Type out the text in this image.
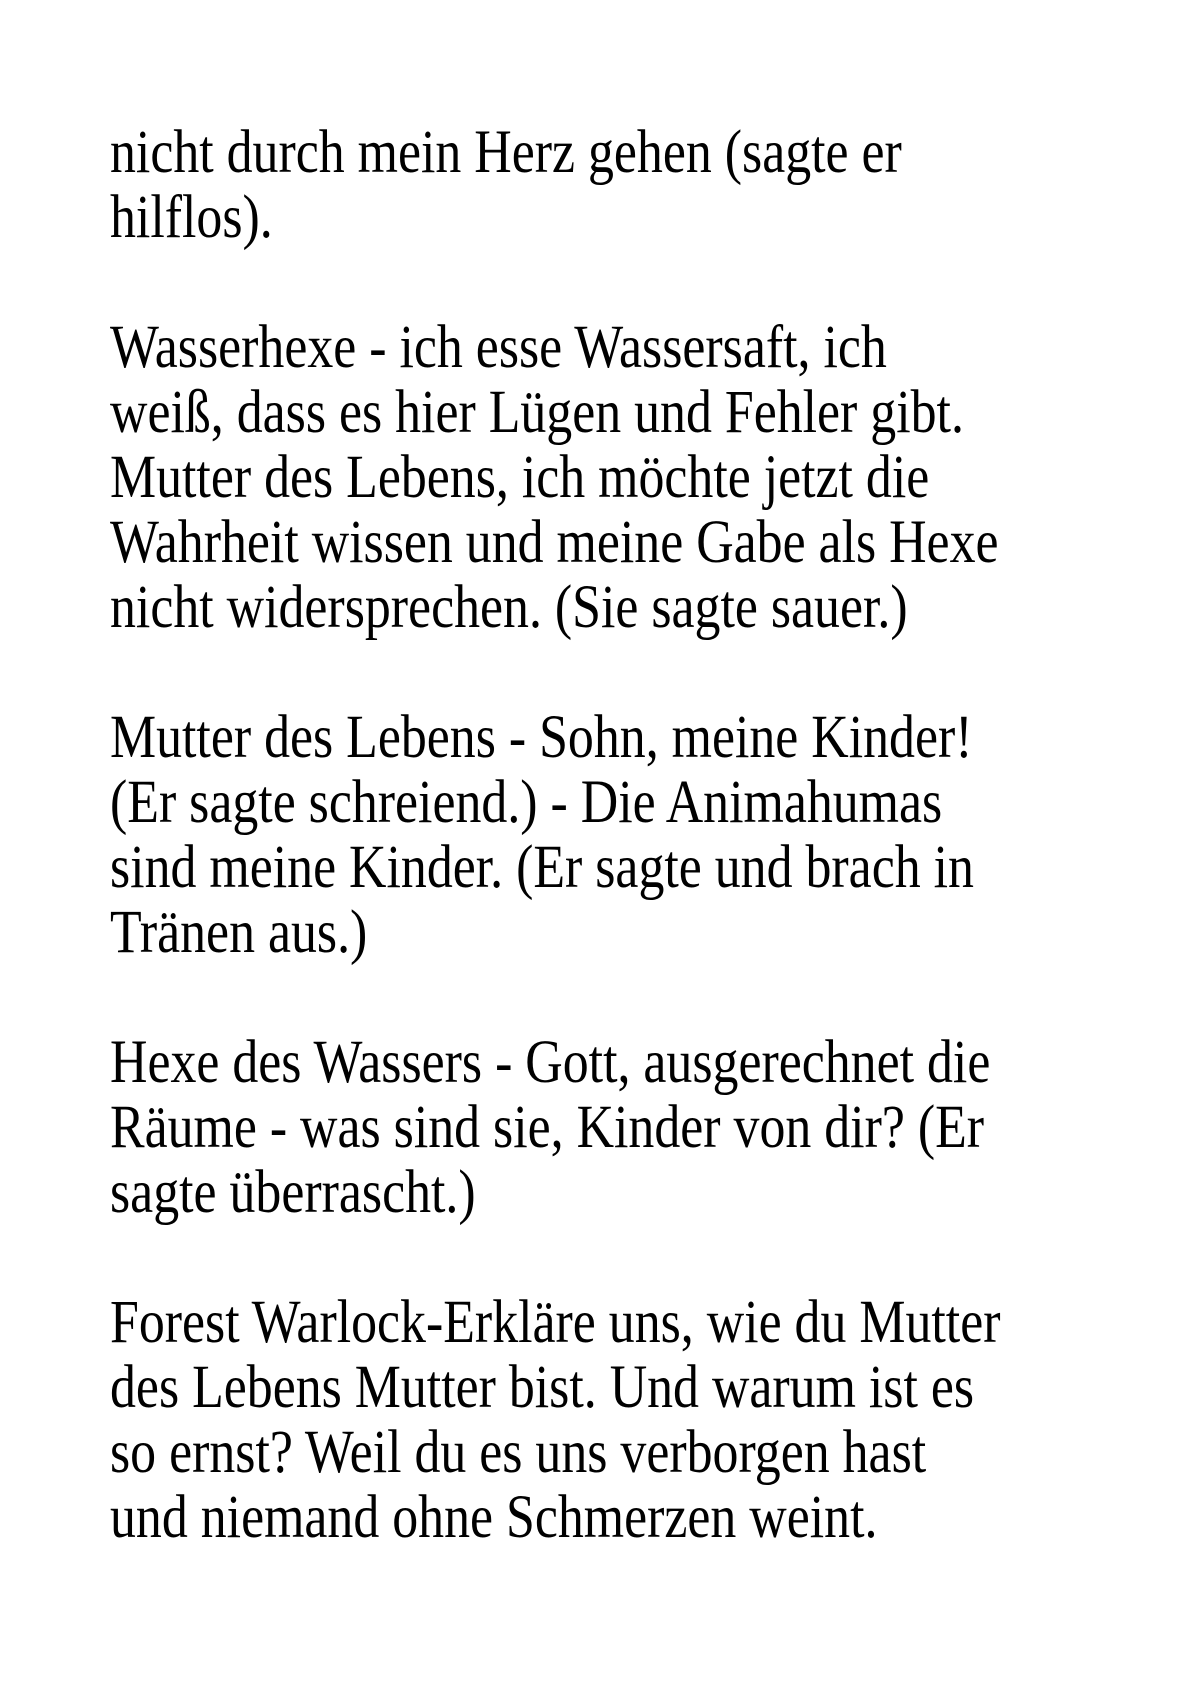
nicht durch mein Herz gehen (sagte er
hilflos).
Wasserhexe - ich esse Wassersaft, ich
weiß, dass es hier Lügen und Fehler gibt.
Mutter des Lebens, ich möchte jetzt die
Wahrheit wissen und meine Gabe als Hexe
nicht widersprechen. (Sie sagte sauer.)
Mutter des Lebens - Sohn, meine Kinder!
(Er sagte schreiend.) - Die Animahumas
sind meine Kinder. (Er sagte und brach in
Tränen aus.)
Hexe des Wassers - Gott, ausgerechnet die
Räume - was sind sie, Kinder von dir? (Er
sagte überrascht.)
Forest Warlock-Erkläre uns, wie du Mutter
des Lebens Mutter bist. Und warum ist es
so ernst? Weil du es uns verborgen hast
und niemand ohne Schmerzen weint.
